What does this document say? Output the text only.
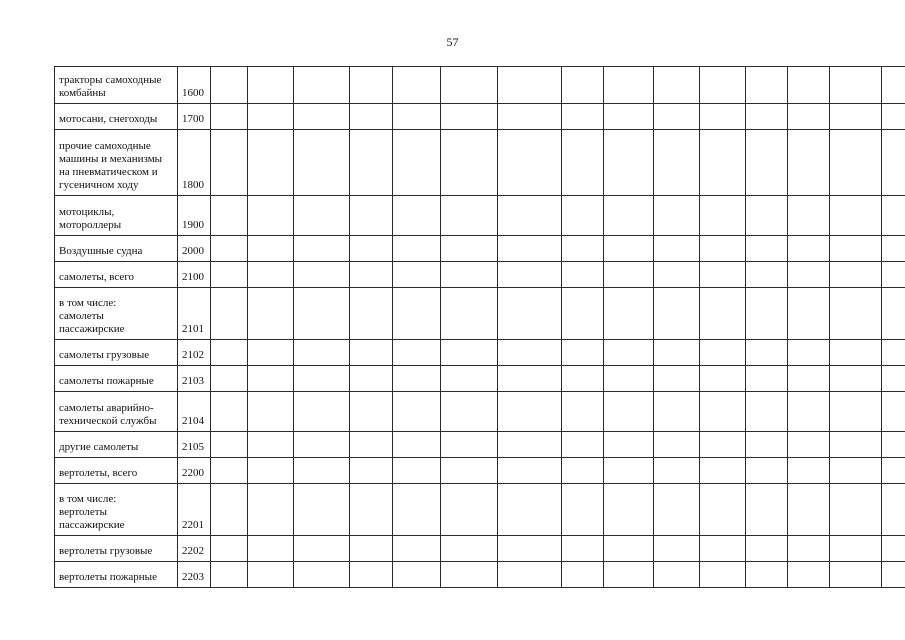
57
тракторы самоходные
комбайны	1600																
мотосани, снегоходы	1700																
прочие самоходные
машины и механизмы
на пневматическом и
гусеничном ходу	1800																
мотоциклы,
мотороллеры	1900																
Воздушные судна	2000																
самолеты, всего	2100																
в том числе:
самолеты
пассажирские	2101																
самолеты грузовые	2102																
самолеты пожарные	2103																
самолеты аварийно-
технической службы	2104																
другие самолеты	2105																
вертолеты, всего	2200																
в том числе:
вертолеты
пассажирские	2201																
вертолеты грузовые	2202																
вертолеты пожарные	2203																
